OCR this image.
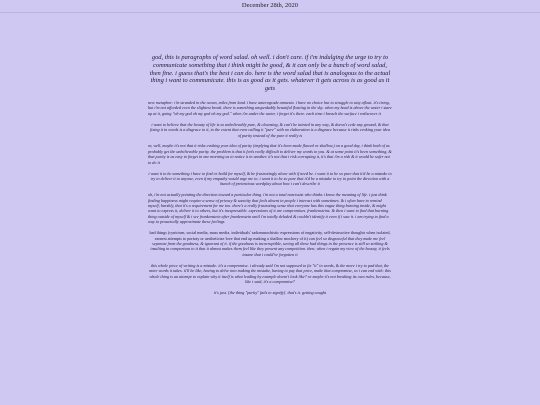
December 28th, 2020

god, this is paragraphs of word salad. oh well. i don't care. if i'm indulging the urge to try to communicate something that i think might be good, & it can only be a bunch of word salad, then fine. i guess that's the best i can do. here is the word salad that is analogous to the actual thing i want to communicate. this is as good as it gets. whatever it gets across is as good as it gets

new metaphor: i'm stranded in the ocean, miles from land. i have anterograde amnesia. i have no choice but to struggle to stay afloat. it's tiring, but i'm not afforded even the slightest break. there is something unspeakably beautiful floating in the sky. when my head is above the water i stare up at it, going "oh my god oh my god oh my god." when i'm under the water, i forget it's there. each time i breach the surface i rediscover it

i want to believe that the beauty of life is so unbelievably pure, & cleansing, & can't be tainted in any way, & doesn't cede any ground, & that fixing it in words is a disgrace to it, to the extent that even calling it "pure" with no elaboration is a disgrace because it risks evoking your idea of purity instead of the pure it really is

or, well, maybe it's not that it risks evoking your idea of purity (implying that it's been made flawed or shallow,) on a good day, i think both of us probably get the unbelievable purity. the problem is that it feels really difficult to deliver my words to you. & at some point it's been something, & that purity is as easy to forget in one morning as to notice it in another. it's not that i risk corrupting it, it's that i'm a risk & it would be safer not to do it

i want it to be something i have to find or build for myself, & be frustratingly alone with if need be. i want it to be so pure that it'd be a mistake to try to deliver it to anyone, even if my empathy would urge me to. i want it to be so pure that it'd be a mistake to try to point the direction with a bunch of pretentious wordplay about how i can't describe it

oh, i'm not actually pointing the direction toward a particular thing. i'm not a total narcissist who thinks i know the meaning of life. i just think finding happiness might require a sense of privacy & sanctity that feels absent in people i interact with sometimes. & i often have to remind myself, harshly, that it's a requirement for me too. there's a really frustrating sense that everyone has this vague thing burning inside, & might want to express it, deliver it to others, but it's inexpressible. expressions of it are compromises. frankensteins. & then i want to find that burning thing outside of myself & i see frankenstein after frankenstein until i'm totally deluded & couldn't identify it even if i saw it. i am trying to find a way to prosaically approximate these feelings

bad things (cynicism, social media, mass media, individuals' sadomasochistic expressions of negativity, self-destructive thoughts when isolated, earnest attempts to portray or aestheticize love that end up making a shallow mockery of it) can feel so disgraceful that they make me feel separate from the goodness, & ignorant of it. if the goodness is incorruptible, seeing all these bad things in the presence is still so striking & insulting in comparison to it that it almost makes them feel like they present any competition. then, when i regain my view of the beauty, it feels insane that i could've forgotten it

this whole piece of writing is a mistake. it's a compromise. i already said i'm not supposed to fix "it" in words, & the more i try to pad that, the more words it takes. it'll be like, having to delve into making the mistake, having to pay that price, make that compromise, so i can end with: this whole thing is an attempt to explain why it itself is what leading by example doesn't look like? or maybe it's not breaking its own rules, because, like i said, it's a compromise?

it's just. [the thing "purity" fails to signify]. that's it. getting caught
